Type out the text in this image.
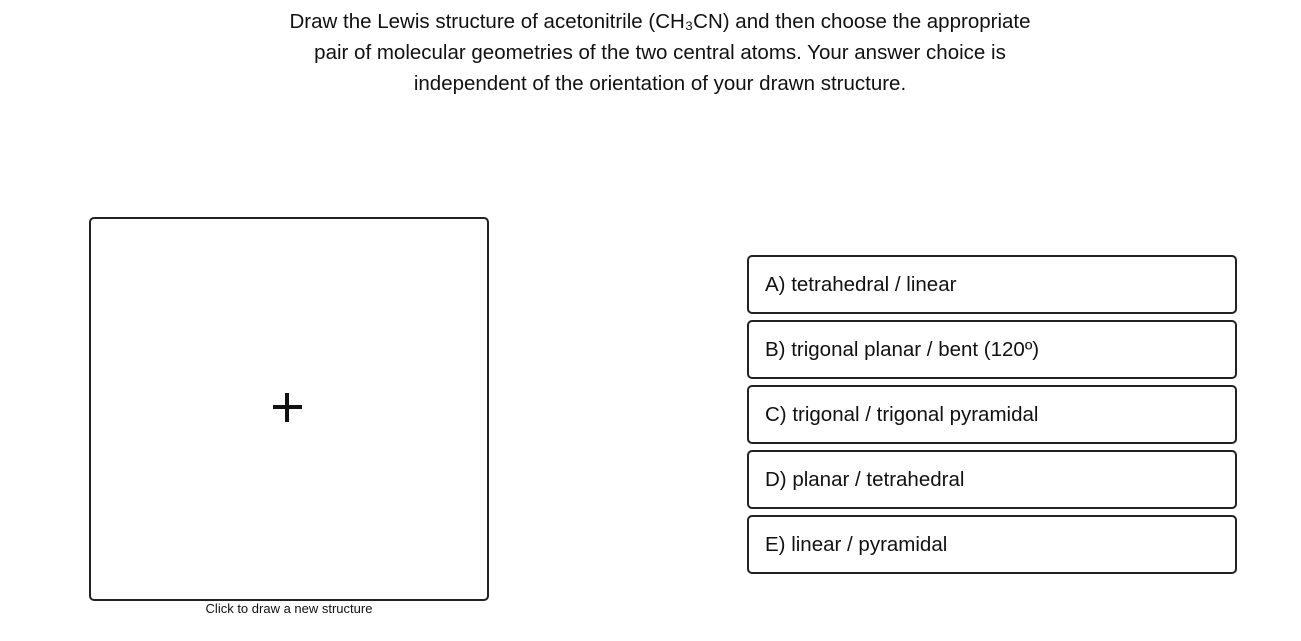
Draw the Lewis structure of acetonitrile (CH₃CN) and then choose the appropriate
pair of molecular geometries of the two central atoms. Your answer choice is
independent of the orientation of your drawn structure.

Click to draw a new structure
A) tetrahedral / linear
B) trigonal planar / bent (120º)
C) trigonal / trigonal pyramidal
D) planar / tetrahedral
E) linear / pyramidal
